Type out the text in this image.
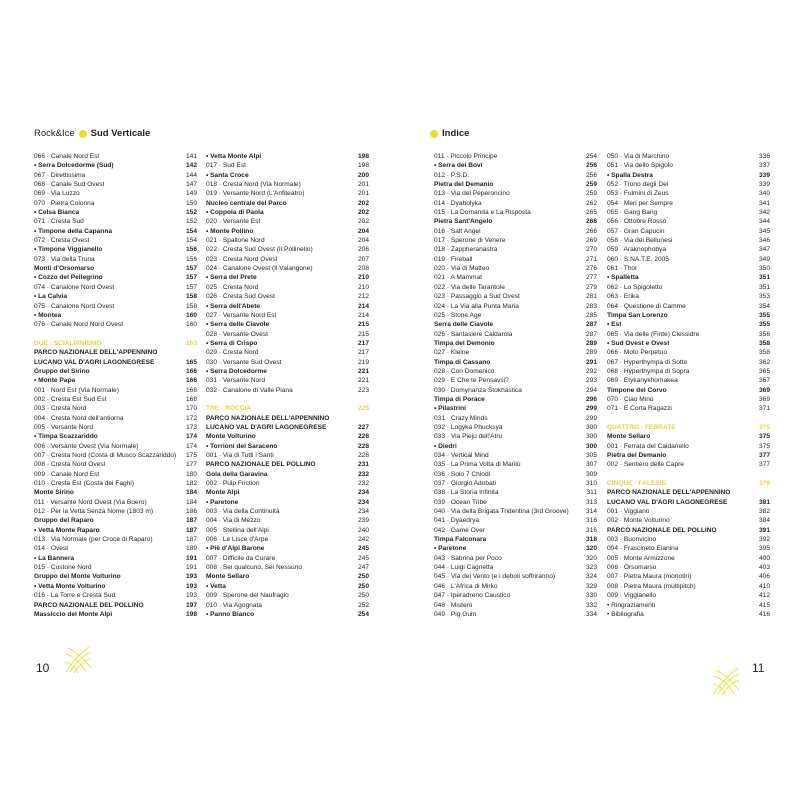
Rock&Ice Sud Verticale	Indice
066 · Canale Nord Est	141
• Serra Dolcedorme (Sud)	142
067 · Direttissima	144
068 · Canale Sud Ovest	147
069 · Via Luzzo	149
070 · Pietra Colonna	150
• Celsa Bianca	152
071 · Cresta Sud	152
• Timpone della Capanna	154
072 · Cresta Ovest	154
• Timpone Viggianello	156
073 · Via della Truna	156
Monti d'Orsomarso	157
• Cozzo del Pellegrino	157
074 · Canalone Nord Ovest	157
• La Calvia	158
075 · Canalone Nord Ovest	158
• Montea	160
076 · Canale Nord Nord Ovest	160
DUE · SCIALPINISMO	163
PARCO NAZIONALE DELL'APPENNINO
LUCANO VAL D'AGRI LAGONEGRESE	165
Gruppo del Sirino	166
• Monte Papa	166
001 · Nord Est (Via Normale)	166
002 · Cresta Est Sud Est	168
003 · Cresta Nord	170
004 · Cresta Nord dell'antiorna	172
005 · Versante Nord	173
• Timpa Scazzariddo	174
006 · Versante Ovest (Via Normale)	174
007 · Cresta Nord (Costa di Musco Scazzariddo) 175
008 · Cresta Nord Ovest	177
009 · Canale Nord Est	180
010 · Cresta Est (Costa dei Faghi)	182
Monte Sirino	184
011 · Versante Nord Ovest (Via Boero)	184
012 · Per la Vetta Senza Nome (1803 m)	186
Gruppo del Raparo	187
• Vetta Monte Raparo	187
013 · Via Normale (per Croce di Raparo)	187
014 · Ovest	189
• La Bannera	191
015 · Costone Nord	191
Gruppo del Monte Volturino	193
• Vetta Monte Volturino	193
016 · La Torre e Cresta Sud	193
PARCO NAZIONALE DEL POLLINO	197
Massiccio del Monte Alpi	198
• Vetta Monte Alpi	198
017 · Sud Est	198
• Santa Croce	200
018 · Cresta Nord (Via Normale)	201
019 · Versante Nord (L'Anfiteatro)	201
Nucleo centrale del Parco	202
• Coppola di Paola	202
020 · Versante Est	202
• Monte Pollino	204
021 · Spallone Nord	204
022 · Cresta Sud Ovest (Il Pollinello)	206
023 · Cresta Nord Ovest	207
024 · Canalone Ovest (Il Valangone)	208
• Serra del Prete	210
025 · Cresta Nord	210
026 · Cresta Sud Ovest	212
• Serra dell'Abete	214
027 · Versante Nord Est	214
• Serra delle Ciavole	215
028 · Versante Ovest	215
• Serra di Crispo	217
029 · Cresta Nord	217
030 · Versante Sud Ovest	219
• Serra Dolcedorme	221
031 · Versante Nord	221
032 · Canalone di Valle Piana	223
TRE · ROCCIA	225
PARCO NAZIONALE DELL'APPENNINO
LUCANO VAL D'AGRI LAGONEGRESE	227
Monte Volturino	228
• Torrioni del Saraceno	228
001 · Via di Tutti i Santi	228
PARCO NAZIONALE DEL POLLINO	231
Gola della Garavina	232
002 · Pulp Friction	232
Monte Alpi	234
• Paretone	234
003 · Via della Continuità	234
004 · Via di Mezzo	239
005 · Stellina dell'Alpi	240
006 · Le Lisce d'Arpe	242
• Piè d'Alpi Barone	245
007 · Difficile da Curare	245
008 · Sei qualcuno, Sei Nessuno	247
Monte Sellaro	250
• Vetta	250
009 · Sperone del Naufragio	250
010 · Via Agognata	252
• Panno Bianco	254
011 · Piccolo Principe	254
• Serra dei Bovi	256
012 · P.S.D.	256
Pietra del Demanio	259
013 · Via del Peperoncino	259
014 · Dyabolyka	262
015 · La Domanda e La Risposta	265
Pietra Sant'Angelo	266
016 · Salt Angel	266
017 · Sperone di Venere	269
018 · Zappheranastra	270
019 · Fireball	271
020 · Via di Matteo	276
021 · A Mammat	277
022 · Via delle Tarantole	279
023 · Passaggio a Sud Ovest	281
024 · La Via alla Punta Maria	283
025 · Stone Age	285
Serra delle Ciavole	287
026 · Santasiere Caldarola	287
Timpa del Demonio	289
027 · Kleine	289
Timpa di Cassano	291
028 · Con Domenico	292
029 · E Che te Pensavsi?	293
030 · Domynanza Stokhastica	294
Timpa di Porace	296
• Pilastrini	299
031 · Crazy Minds	299
032 · Logyka Phucksya	300
033 · Via Pieju dell'Atru	300
• Diedri	300
034 · Vertical Mind	305
035 · La Prima Volta di Marilù	307
036 · Solo 7 Chiodi	309
037 · Giorgio Adobati	310
038 · La Storia Infinita	311
039 · Ocean Tribe	313
040 · Via della Brigata Tridentina (3rd Groove)	314
041 · Dyaedrya	316
042 · Game Over	316
Timpa Falconara	318
• Paretone	320
043 · Sabrina per Poco	320
044 · Luigi Cagnetta	323
045 · Via del Vento (e i deboli soffriranno)	324
046 · L'Africa di Mirko	329
047 · Iperadreno Caustico	330
048 · Mistero	332
049 · Pig Guin	334
050 · Via di Marchino	336
051 · Via dello Spigolo	337
• Spalla Destra	339
052 · Trono degli Dei	339
053 · Fulmini di Zeus	340
054 · Meri per Sempre	341
055 · Gang Bang	342
056 · Ottobre Rosso	344
057 · Gran Capucin	345
058 · Via dei Bellunesi	346
059 · Araknophobya	347
060 · S.NA.T.E. 2005	349
061 · Thor	350
• Spalletta	351
062 · Lo Spigoletto	351
063 · Erika	353
064 · Questione di Camme	354
Timpa San Lorenzo	355
• Est	355
065 · Via delle (Finte) Clessidre	356
• Sud Ovest e Ovest	358
066 · Moto Perpetuo	358
067 · Hyperthympa di Sotto	362
068 · Hyperthympa di Sopra	365
069 · Etykanykhomakea	367
Timpone del Corvo	369
070 · Ciao Minù	369
071 · E Corta Ragazzi	371
QUATTRO · FERRATE	375
Monte Sellaro	375
001 · Ferrata del Caldanello	375
Pietra del Demanio	377
002 · Sentiero delle Capre	377
CINQUE · FALESIE	379
PARCO NAZIONALE DELL'APPENNINO
LUCANO VAL D'AGRI LAGONEGRESE	381
001 · Viggiano	382
002 · Monte Volturino	384
PARCO NAZIONALE DEL POLLINO	391
003 · Buonvicino	392
004 · Frascineto Eianina	395
005 · Monte Armizzone	400
006 · Orsomarso	403
007 · Pietra Maura (monotiri)	406
008 · Pietra Maura (multipitch)	410
009 · Viggianello	412
• Ringraziamenti	415
• Bibliografia	416
10	11
